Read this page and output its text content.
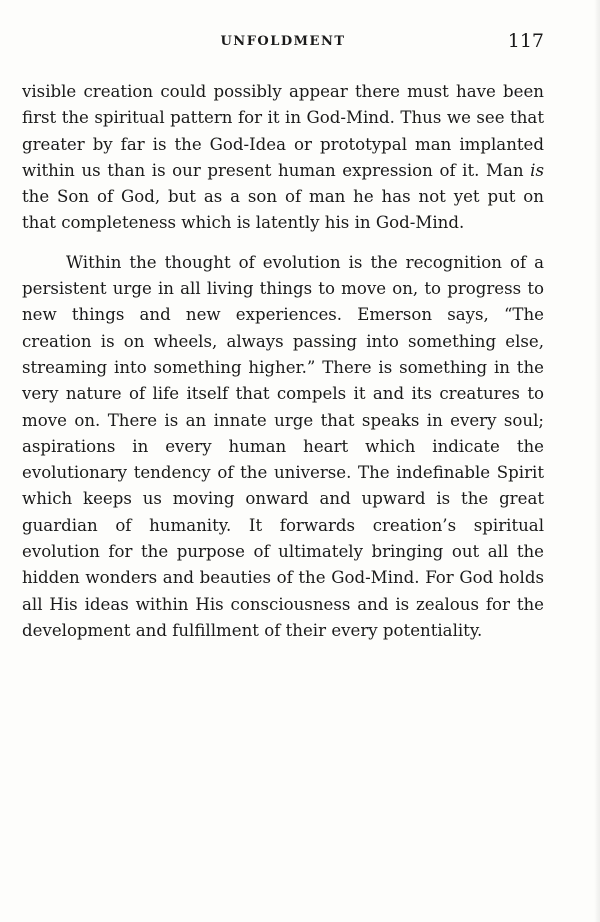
UNFOLDMENT	117

visible creation could possibly appear there must have been first the spiritual pattern for it in God-Mind. Thus we see that greater by far is the God-Idea or prototypal man implanted within us than is our present human expression of it. Man is the Son of God, but as a son of man he has not yet put on that completeness which is latently his in God-Mind.

Within the thought of evolution is the recognition of a persistent urge in all living things to move on, to progress to new things and new experiences. Emerson says, “The creation is on wheels, always passing into something else, streaming into something higher.” There is something in the very nature of life itself that compels it and its creatures to move on. There is an innate urge that speaks in every soul; aspirations in every human heart which indicate the evolutionary tendency of the universe. The indefinable Spirit which keeps us moving onward and upward is the great guardian of humanity. It forwards creation’s spiritual evolution for the purpose of ultimately bringing out all the hidden wonders and beauties of the God-Mind. For God holds all His ideas within His consciousness and is zealous for the development and fulfillment of their every potentiality.
